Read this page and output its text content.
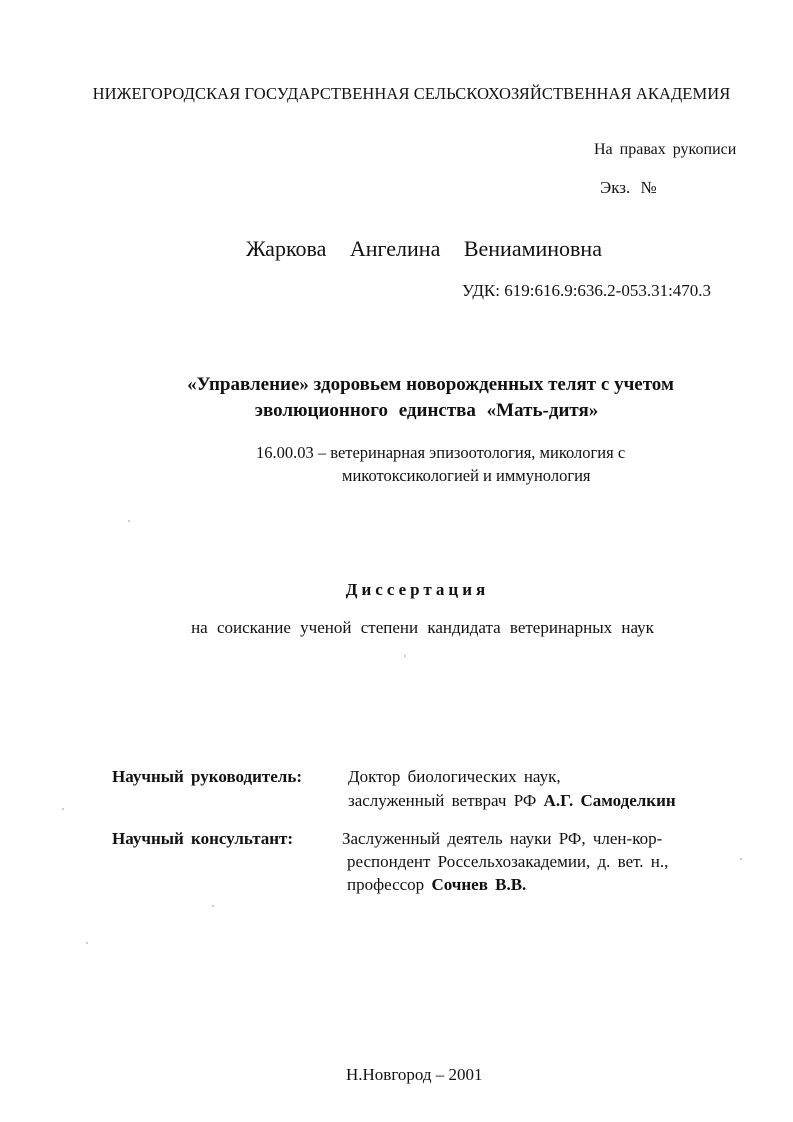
НИЖЕГОРОДСКАЯ ГОСУДАРСТВЕННАЯ СЕЛЬСКОХОЗЯЙСТВЕННАЯ АКАДЕМИЯ
На правах рукописи
Экз. №
Жаркова Ангелина Вениаминовна
УДК: 619:616.9:636.2-053.31:470.3
«Управление» здоровьем новорожденных телят с учетом
эволюционного единства «Мать-дитя»
16.00.03 – ветеринарная эпизоотология, микология с
микотоксикологией и иммунология
Диссертация
на соискание ученой степени кандидата ветеринарных наук
Научный руководитель:	Доктор биологических наук,
заслуженный ветврач РФ А.Г. Самоделкин
Научный консультант:	Заслуженный деятель науки РФ, член-кор-
респондент Россельхозакадемии, д. вет. н.,
профессор Сочнев В.В.
Н.Новгород – 2001
